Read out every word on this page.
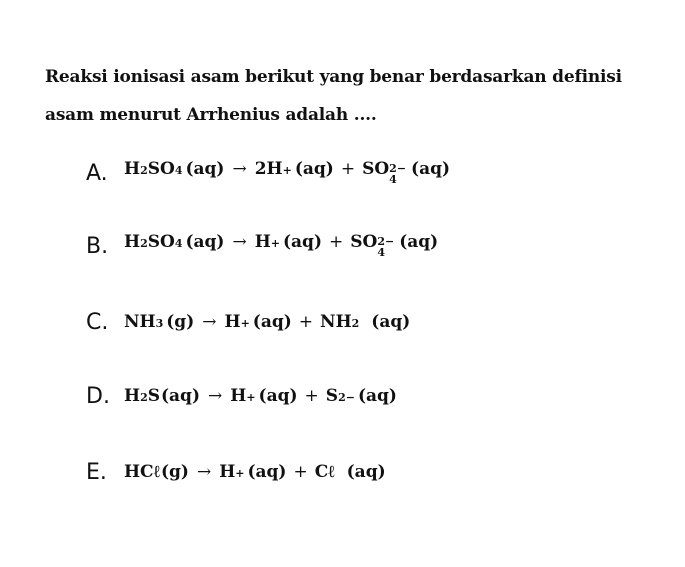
Reaksi ionisasi asam berikut yang benar berdasarkan definisi
asam menurut Arrhenius adalah ....
A. H 2 SO 4 (aq) → 2H + (aq) + SO 2−
4
(aq)
B. H 2 SO 4 (aq) → H + (aq) + SO 2−
4
(aq)
C. NH 3 (g) → H + (aq) + NH 2 (aq)
D. H 2 S (aq) → H + (aq) + S 2− (aq)
E.	HCℓ (g) → H + (aq) + Cℓ (aq)
